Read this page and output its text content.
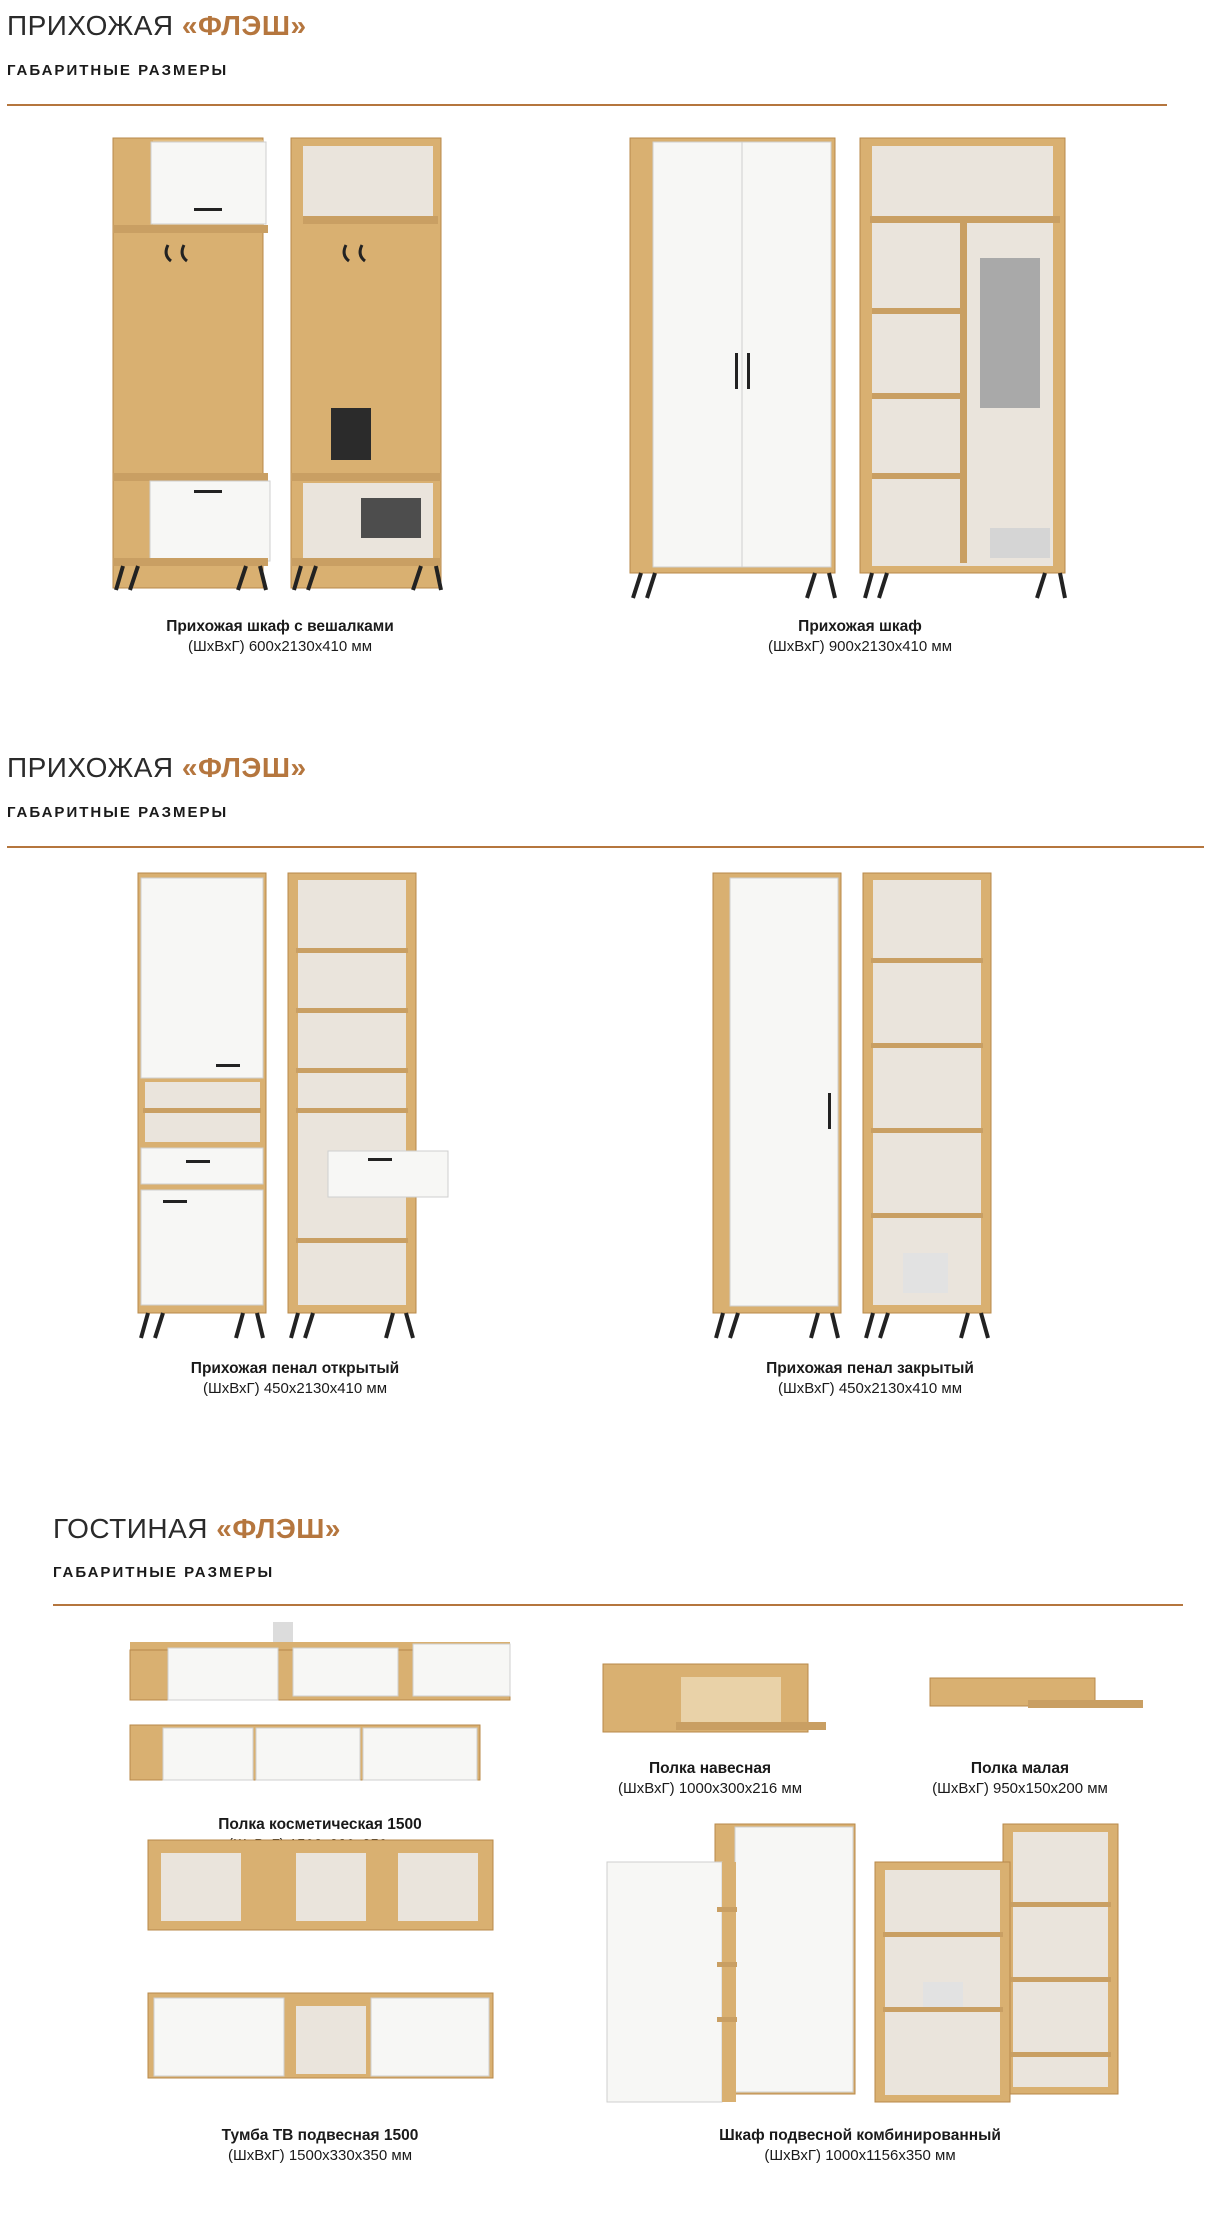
ПРИХОЖАЯ «ФЛЭШ»
ГАБАРИТНЫЕ РАЗМЕРЫ
Прихожая шкаф с вешалками
(ШхВхГ) 600х2130х410 мм
Прихожая шкаф
(ШхВхГ) 900х2130х410 мм
ПРИХОЖАЯ «ФЛЭШ»
ГАБАРИТНЫЕ РАЗМЕРЫ
Прихожая пенал открытый
(ШхВхГ) 450х2130х410 мм
Прихожая пенал закрытый
(ШхВхГ) 450х2130х410 мм
ГОСТИНАЯ «ФЛЭШ»
ГАБАРИТНЫЕ РАЗМЕРЫ
Полка косметическая 1500
Полка навесная
(ШхВхГ) 1000х300х216 мм
Полка малая
(ШхВхГ) 950х150х200 мм
Тумба ТВ подвесная 1500
(ШхВхГ) 1500х330х350 мм
Шкаф подвесной комбинированный
(ШхВхГ) 1000х1156х350 мм
